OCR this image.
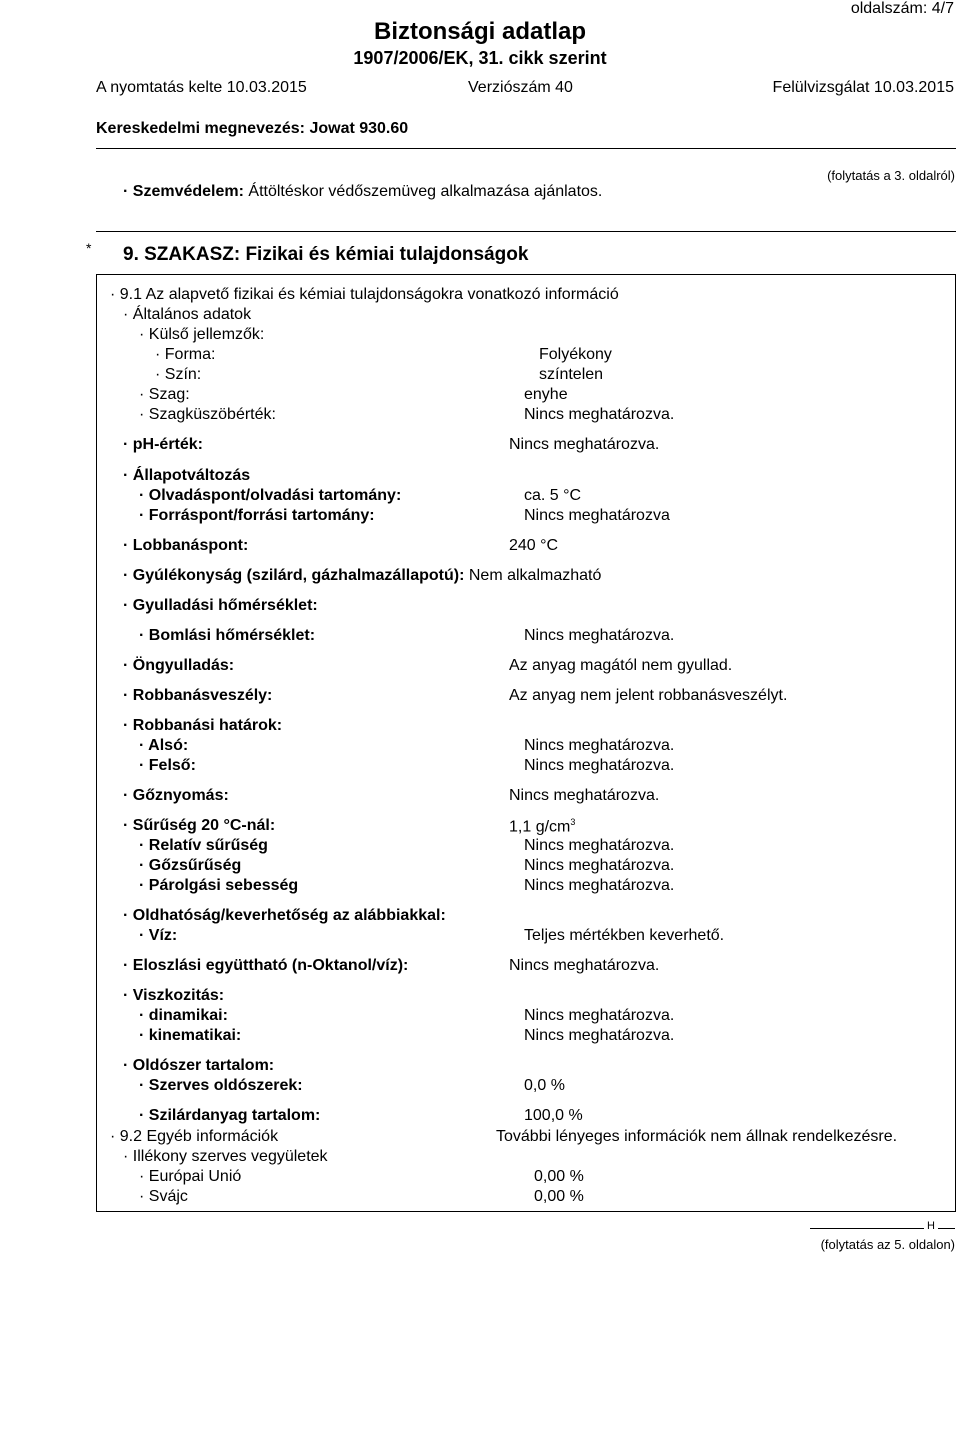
oldalszám: 4/7
Biztonsági adatlap
1907/2006/EK, 31. cikk szerint
A nyomtatás kelte 10.03.2015	Verziószám 40	Felülvizsgálat 10.03.2015
Kereskedelmi megnevezés: Jowat 930.60
(folytatás a 3. oldalról)
· Szemvédelem: Áttöltéskor védőszemüveg alkalmazása ajánlatos.
* 9. SZAKASZ: Fizikai és kémiai tulajdonságok
· 9.1 Az alapvető fizikai és kémiai tulajdonságokra vonatkozó információ
· Általános adatok
· Külső jellemzők:
· Forma:	Folyékony
· Szín:	színtelen
· Szag:	enyhe
· Szagküszöbérték:	Nincs meghatározva.
· pH-érték:	Nincs meghatározva.
· Állapotváltozás
· Olvadáspont/olvadási tartomány:	ca. 5 °C
· Forráspont/forrási tartomány:	Nincs meghatározva
· Lobbanáspont:	240 °C
· Gyúlékonyság (szilárd, gázhalmazállapotú): Nem alkalmazható
· Gyulladási hőmérséklet:
· Bomlási hőmérséklet:	Nincs meghatározva.
· Öngyulladás:	Az anyag magától nem gyullad.
· Robbanásveszély:	Az anyag nem jelent robbanásveszélyt.
· Robbanási határok:
· Alsó:	Nincs meghatározva.
· Felső:	Nincs meghatározva.
· Gőznyomás:	Nincs meghatározva.
· Sűrűség 20 °C-nál:	1,1 $g/cm^3$
· Relatív sűrűség	Nincs meghatározva.
· Gőzsűrűség	Nincs meghatározva.
· Párolgási sebesség	Nincs meghatározva.
· Oldhatóság/keverhetőség az alábbiakkal:
· Víz:	Teljes mértékben keverhető.
· Eloszlási együttható (n-Oktanol/víz):	Nincs meghatározva.
· Viszkozitás:
· dinamikai:	Nincs meghatározva.
· kinematikai:	Nincs meghatározva.
· Oldószer tartalom:
· Szerves oldószerek:	0,0 %
· Szilárdanyag tartalom:	100,0 %
· 9.2 Egyéb információk	További lényeges információk nem állnak rendelkezésre.
· Illékony szerves vegyületek
· Európai Unió	0,00 %
· Svájc	0,00 %
H
(folytatás az 5. oldalon)
